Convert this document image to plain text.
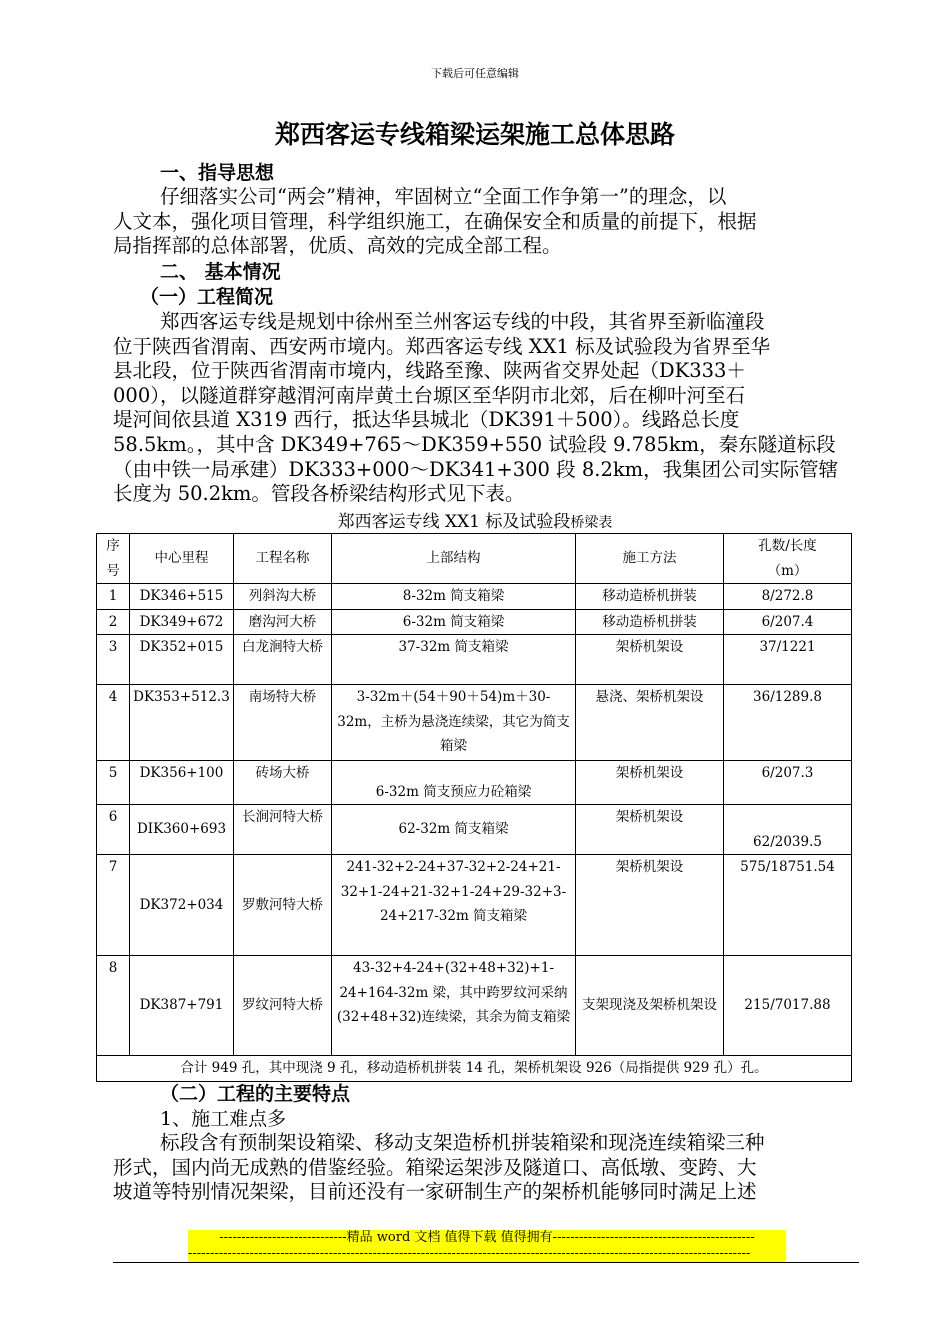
下载后可任意编辑
郑西客运专线箱梁运架施工总体思路
一、指导思想
仔细落实公司“两会”精神，牢固树立“全面工作争第一”的理念，以
人文本，强化项目管理，科学组织施工，在确保安全和质量的前提下，根据
局指挥部的总体部署，优质、高效的完成全部工程。
二、 基本情况
（一）工程简况
郑西客运专线是规划中徐州至兰州客运专线的中段，其省界至新临潼段
位于陕西省渭南、西安两市境内。郑西客运专线 XX1 标及试验段为省界至华
县北段，位于陕西省渭南市境内，线路至豫、陕两省交界处起（DK333＋
000），以隧道群穿越渭河南岸黄土台塬区至华阴市北郊，后在柳叶河至石
堤河间依县道 X319 西行，抵达华县城北（DK391＋500）。线路总长度
58.5km。，其中含 DK349+765～DK359+550 试验段 9.785km，秦东隧道标段
（由中铁一局承建）DK333+000～DK341+300 段 8.2km，我集团公司实际管辖
长度为 50.2km。管段各桥梁结构形式见下表。
郑西客运专线 XX1 标及试验段桥梁表
序号	中心里程	工程名称	上部结构	施工方法	孔数/长度
（m）

1	DK346+515	列斜沟大桥	8-32m 简支箱梁	移动造桥机拼装	8/272.8
2	DK349+672	磨沟河大桥	6-32m 简支箱梁	移动造桥机拼装	6/207.4
3	DK352+015	白龙涧特大桥	37-32m 简支箱梁	架桥机架设	37/1221
4	DK353+512.3	南场特大桥	3-32m＋(54＋90＋54)m＋30-32m，主桥为悬浇连续梁，其它为简支箱梁	悬浇、架桥机架设	36/1289.8
5	DK356+100	砖场大桥	6-32m 简支预应力砼箱梁	架桥机架设	6/207.3
6	DIK360+693	长涧河特大桥	62-32m 简支箱梁	架桥机架设	62/2039.5
7	DK372+034	罗敷河特大桥	241-32+2-24+37-32+2-24+21-32+1-24+21-32+1-24+29-32+3-24+217-32m 简支箱梁	架桥机架设	575/18751.54
8	DK387+791	罗纹河特大桥	43-32+4-24+(32+48+32)+1-24+164-32m 梁，其中跨罗纹河采纳(32+48+32)连续梁，其余为简支箱梁	支架现浇及架桥机架设	215/7017.88
合计 949 孔，其中现浇 9 孔，移动造桥机拼装 14 孔，架桥机架设 926（局指提供 929 孔）孔。					
（二）工程的主要特点
1、施工难点多
标段含有预制架设箱梁、移动支架造桥机拼装箱梁和现浇连续箱梁三种
形式，国内尚无成熟的借鉴经验。箱梁运架涉及隧道口、高低墩、变跨、大
坡道等特别情况架梁，目前还没有一家研制生产的架桥机能够同时满足上述
-----------------------------精品 word 文档 值得下载 值得拥有----------------------------------------------
--------------------------------------------------------------------------------------------------------------------------------
